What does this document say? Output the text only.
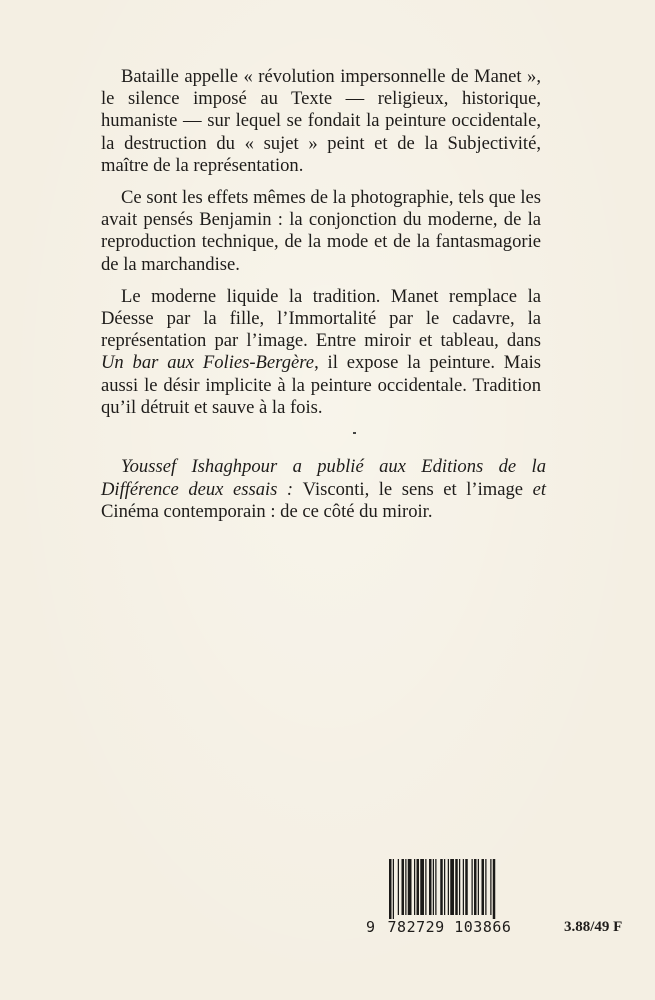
Bataille appelle « révolution impersonnelle de Manet », le silence imposé au Texte — religieux, historique, humaniste — sur lequel se fondait la peinture occidentale, la destruction du « sujet » peint et de la Subjectivité, maître de la représentation.

Ce sont les effets mêmes de la photographie, tels que les avait pensés Benjamin : la conjonction du moderne, de la reproduction technique, de la mode et de la fantasmagorie de la marchandise.

Le moderne liquide la tradition. Manet remplace la Déesse par la fille, l’Immortalité par le cadavre, la représentation par l’image. Entre miroir et tableau, dans Un bar aux Folies-Bergère, il expose la peinture. Mais aussi le désir implicite à la peinture occidentale. Tradition qu’il détruit et sauve à la fois.

Youssef Ishaghpour a publié aux Editions de la Différence deux essais : Visconti, le sens et l’image et Cinéma contemporain : de ce côté du miroir.

9 782729 103866	3.88/49 F
